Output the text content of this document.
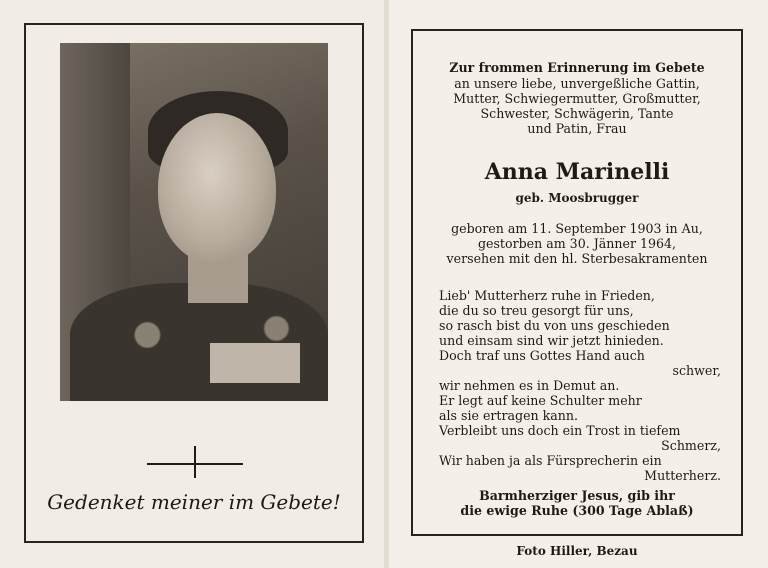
Gedenket meiner im Gebete!
Zur frommen Erinnerung im Gebete
an unsere liebe, unvergeßliche Gattin,
Mutter, Schwiegermutter, Großmutter,
Schwester, Schwägerin, Tante
und Patin, Frau
Anna Marinelli
geb. Moosbrugger
geboren am 11. September 1903 in Au,
gestorben am 30. Jänner 1964,
versehen mit den hl. Sterbesakramenten
Lieb' Mutterherz ruhe in Frieden,
die du so treu gesorgt für uns,
so rasch bist du von uns geschieden
und einsam sind wir jetzt hinieden.
Doch traf uns Gottes Hand auch
schwer,
wir nehmen es in Demut an.
Er legt auf keine Schulter mehr
als sie ertragen kann.
Verbleibt uns doch ein Trost in tiefem
Schmerz,
Wir haben ja als Fürsprecherin ein
Mutterherz.
Barmherziger Jesus, gib ihr
die ewige Ruhe (300 Tage Ablaß)
Foto Hiller, Bezau
